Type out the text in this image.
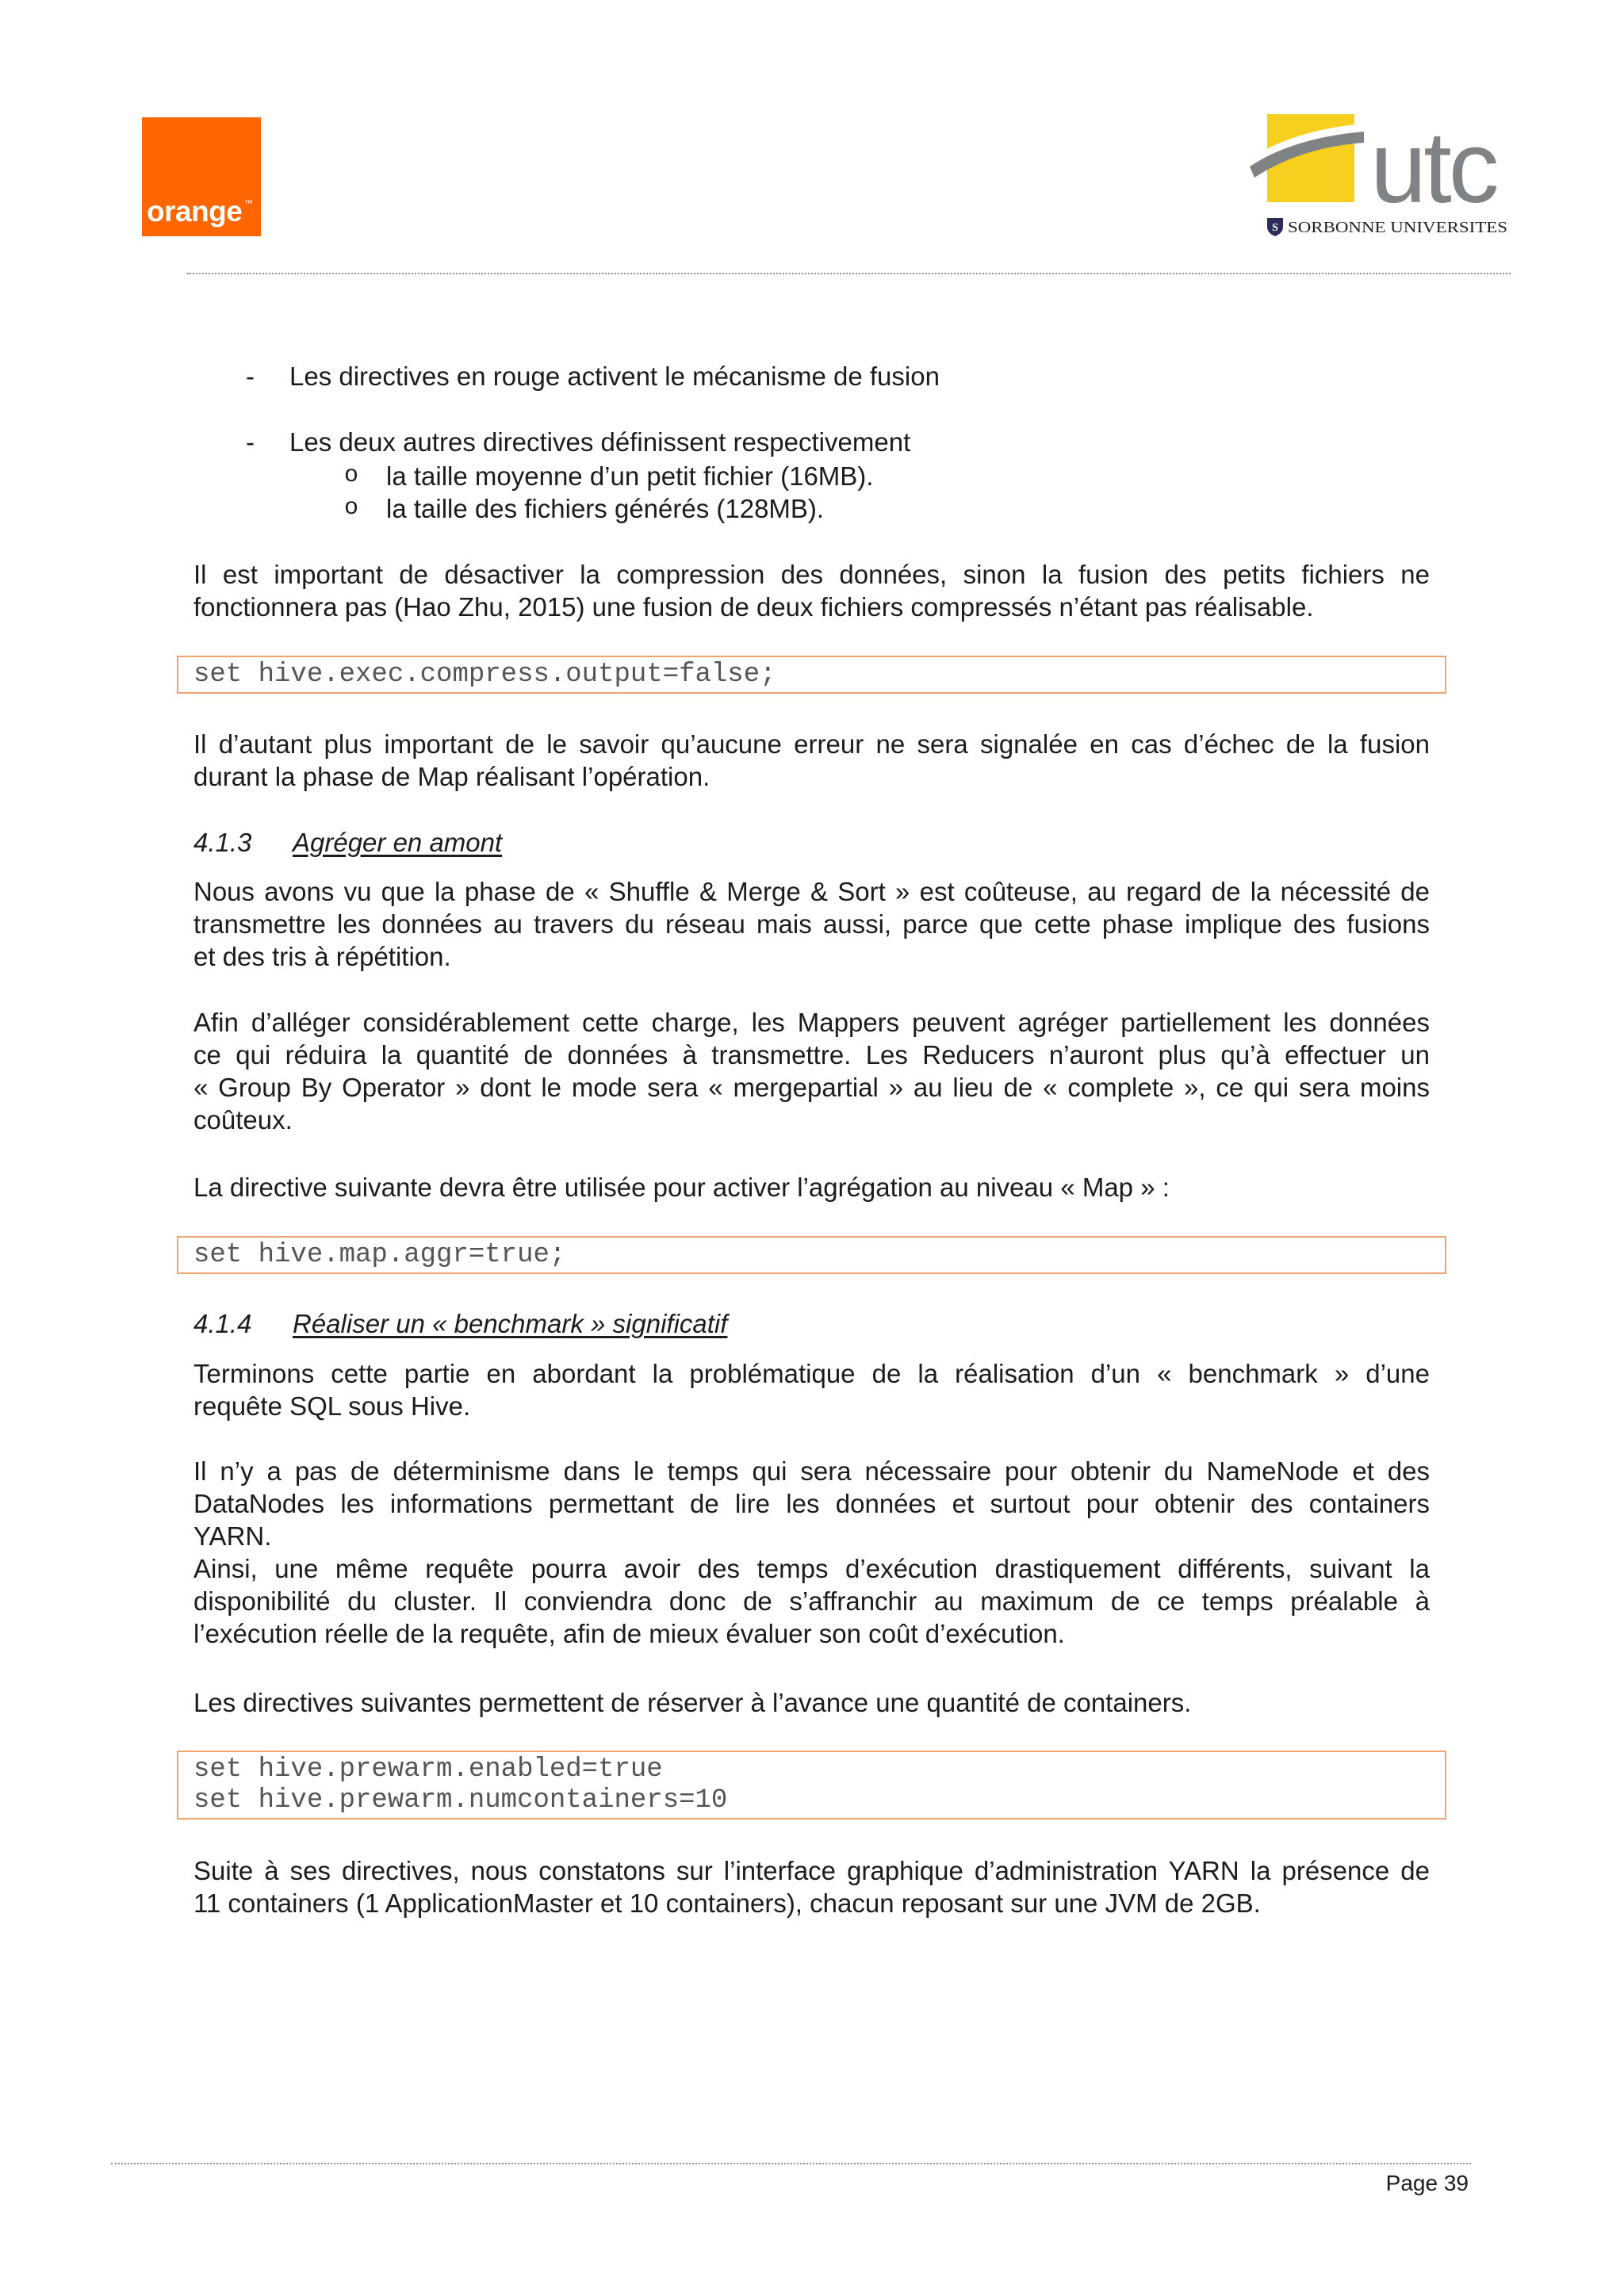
orange ™	utc
S SORBONNE UNIVERSITES
- Les directives en rouge activent le mécanisme de fusion
- Les deux autres directives définissent respectivement
o la taille moyenne d’un petit fichier (16MB).
o la taille des fichiers générés (128MB).
Il est important de désactiver la compression des données, sinon la fusion des petits fichiers ne
fonctionnera pas (Hao Zhu, 2015) une fusion de deux fichiers compressés n’étant pas réalisable.
set hive.exec.compress.output=false;
Il d’autant plus important de le savoir qu’aucune erreur ne sera signalée en cas d’échec de la fusion
durant la phase de Map réalisant l’opération.
4.1.3 Agréger en amont
Nous avons vu que la phase de « Shuffle & Merge & Sort » est coûteuse, au regard de la nécessité de
transmettre les données au travers du réseau mais aussi, parce que cette phase implique des fusions
et des tris à répétition.
Afin d’alléger considérablement cette charge, les Mappers peuvent agréger partiellement les données
ce qui réduira la quantité de données à transmettre. Les Reducers n’auront plus qu’à effectuer un
« Group By Operator » dont le mode sera « mergepartial » au lieu de « complete », ce qui sera moins
coûteux.
La directive suivante devra être utilisée pour activer l’agrégation au niveau « Map » :
set hive.map.aggr=true;
4.1.4 Réaliser un « benchmark » significatif
Terminons cette partie en abordant la problématique de la réalisation d’un « benchmark » d’une
requête SQL sous Hive.
Il n’y a pas de déterminisme dans le temps qui sera nécessaire pour obtenir du NameNode et des
DataNodes les informations permettant de lire les données et surtout pour obtenir des containers
YARN.
Ainsi, une même requête pourra avoir des temps d’exécution drastiquement différents, suivant la
disponibilité du cluster. Il conviendra donc de s’affranchir au maximum de ce temps préalable à
l’exécution réelle de la requête, afin de mieux évaluer son coût d’exécution.
Les directives suivantes permettent de réserver à l’avance une quantité de containers.
set hive.prewarm.enabled=true
set hive.prewarm.numcontainers=10
Suite à ses directives, nous constatons sur l’interface graphique d’administration YARN la présence de
11 containers (1 ApplicationMaster et 10 containers), chacun reposant sur une JVM de 2GB.
Page 39
